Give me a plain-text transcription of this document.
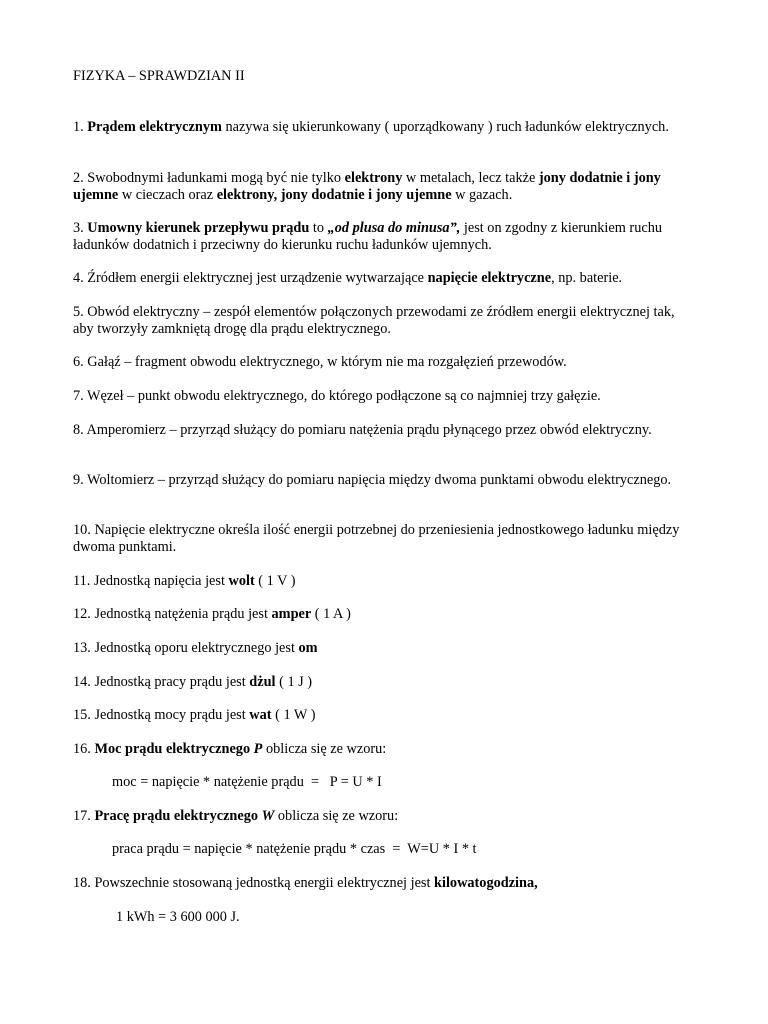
FIZYKA – SPRAWDZIAN II
1. Prądem elektrycznym nazywa się ukierunkowany ( uporządkowany ) ruch ładunków elektrycznych.
2. Swobodnymi ładunkami mogą być nie tylko elektrony w metalach, lecz także jony dodatnie i jony ujemne w cieczach oraz elektrony, jony dodatnie i jony ujemne w gazach.
3. Umowny kierunek przepływu prądu to „od plusa do minusa”, jest on zgodny z kierunkiem ruchu ładunków dodatnich i przeciwny do kierunku ruchu ładunków ujemnych.
4. Źródłem energii elektrycznej jest urządzenie wytwarzające napięcie elektryczne, np. baterie.
5. Obwód elektryczny – zespół elementów połączonych przewodami ze źródłem energii elektrycznej tak, aby tworzyły zamkniętą drogę dla prądu elektrycznego.
6. Gałąź – fragment obwodu elektrycznego, w którym nie ma rozgałęzień przewodów.
7. Węzeł – punkt obwodu elektrycznego, do którego podłączone są co najmniej trzy gałęzie.
8. Amperomierz – przyrząd służący do pomiaru natężenia prądu płynącego przez obwód elektryczny.
9. Woltomierz – przyrząd służący do pomiaru napięcia między dwoma punktami obwodu elektrycznego.
10. Napięcie elektryczne określa ilość energii potrzebnej do przeniesienia jednostkowego ładunku między dwoma punktami.
11. Jednostką napięcia jest wolt ( 1 V )
12. Jednostką natężenia prądu jest amper ( 1 A )
13. Jednostką oporu elektrycznego jest om
14. Jednostką pracy prądu jest dżul ( 1 J )
15. Jednostką mocy prądu jest wat ( 1 W )
16. Moc prądu elektrycznego P oblicza się ze wzoru:
moc = napięcie * natężenie prądu  =   P = U * I
17. Pracę prądu elektrycznego W oblicza się ze wzoru:
praca prądu = napięcie * natężenie prądu * czas  =  W=U * I * t
18. Powszechnie stosowaną jednostką energii elektrycznej jest kilowatogodzina,
1 kWh = 3 600 000 J.
